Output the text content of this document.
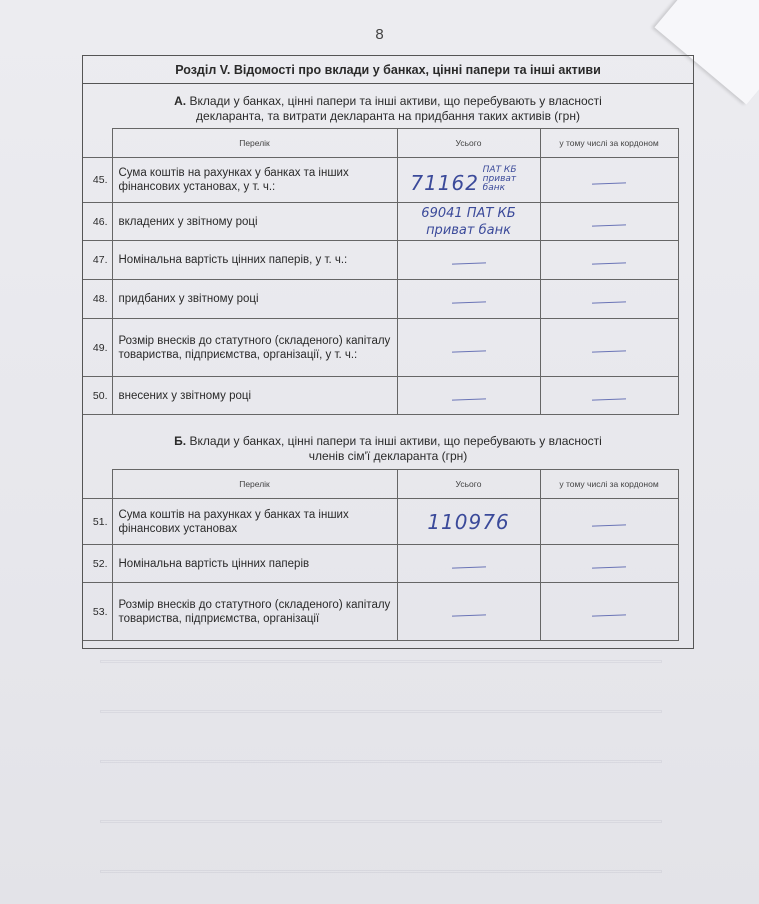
8
Розділ V. Відомості про вклади у банках, цінні папери та інші активи
А. Вклади у банках, цінні папери та інші активи, що перебувають у власності
декларанта, та витрати декларанта на придбання таких активів (грн)
	Перелік	Усього	у тому числі за кордоном
45.	Сума коштів на рахунках у банках та інших фінансових установах, у т. ч.:	71162 ПАТ КБ приват банк	
46.	вкладених у звітному році	69041 ПАТ КБ приват банк	
47.	Номінальна вартість цінних паперів, у т. ч.:		
48.	придбаних у звітному році		
49.	Розмір внесків до статутного (складеного) капіталу товариства, підприємства, організації, у т. ч.:		
50.	внесених у звітному році		
Б. Вклади у банках, цінні папери та інші активи, що перебувають у власності
членів сім'ї декларанта (грн)
	Перелік	Усього	у тому числі за кордоном
51.	Сума коштів на рахунках у банках та інших фінансових установах	110976	
52.	Номінальна вартість цінних паперів		
53.	Розмір внесків до статутного (складеного) капіталу товариства, підприємства, організації		
